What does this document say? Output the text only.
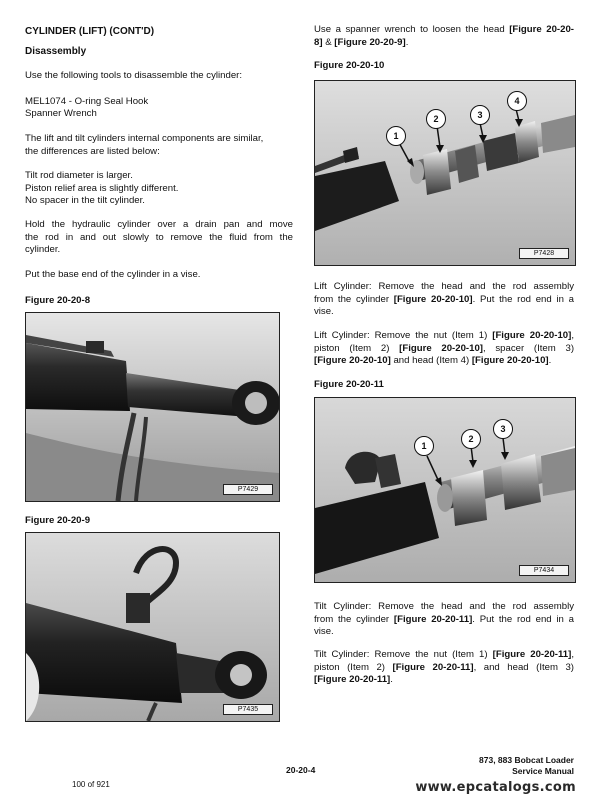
CYLINDER (LIFT) (CONT'D)
Disassembly
Use the following tools to disassemble the cylinder:
MEL1074 - O-ring Seal Hook
Spanner Wrench
The lift and tilt cylinders internal components are similar,
the differences are listed below:
Tilt rod diameter is larger.
Piston relief area is slightly different.
No spacer in the tilt cylinder.
Hold the hydraulic cylinder over a drain pan and move
the rod in and out slowly to remove the fluid from the
cylinder.
Put the base end of the cylinder in a vise.
Figure 20-20-8
P7429
Figure 20-20-9
P7435
Use a spanner wrench to loosen the head [Figure 20-20-
8] & [Figure 20-20-9].
Figure 20-20-10
1
2	3
4
P7428
Lift Cylinder: Remove the head and the rod assembly
from the cylinder [Figure 20-20-10]. Put the rod end in a
vise.
Lift Cylinder: Remove the nut (Item 1) [Figure 20-20-10],
piston (Item 2) [Figure 20-20-10], spacer (Item 3)
[Figure 20-20-10] and head (Item 4) [Figure 20-20-10].
Figure 20-20-11
1
2
3
P7434
Tilt Cylinder: Remove the head and the rod assembly
from the cylinder [Figure 20-20-11]. Put the rod end in a
vise.
Tilt Cylinder: Remove the nut (Item 1) [Figure 20-20-11],
piston (Item 2) [Figure 20-20-11], and head (Item 3)
[Figure 20-20-11].
100 of 921
20-20-4
873, 883 Bobcat Loader
Service Manual
www.epcatalogs.com
